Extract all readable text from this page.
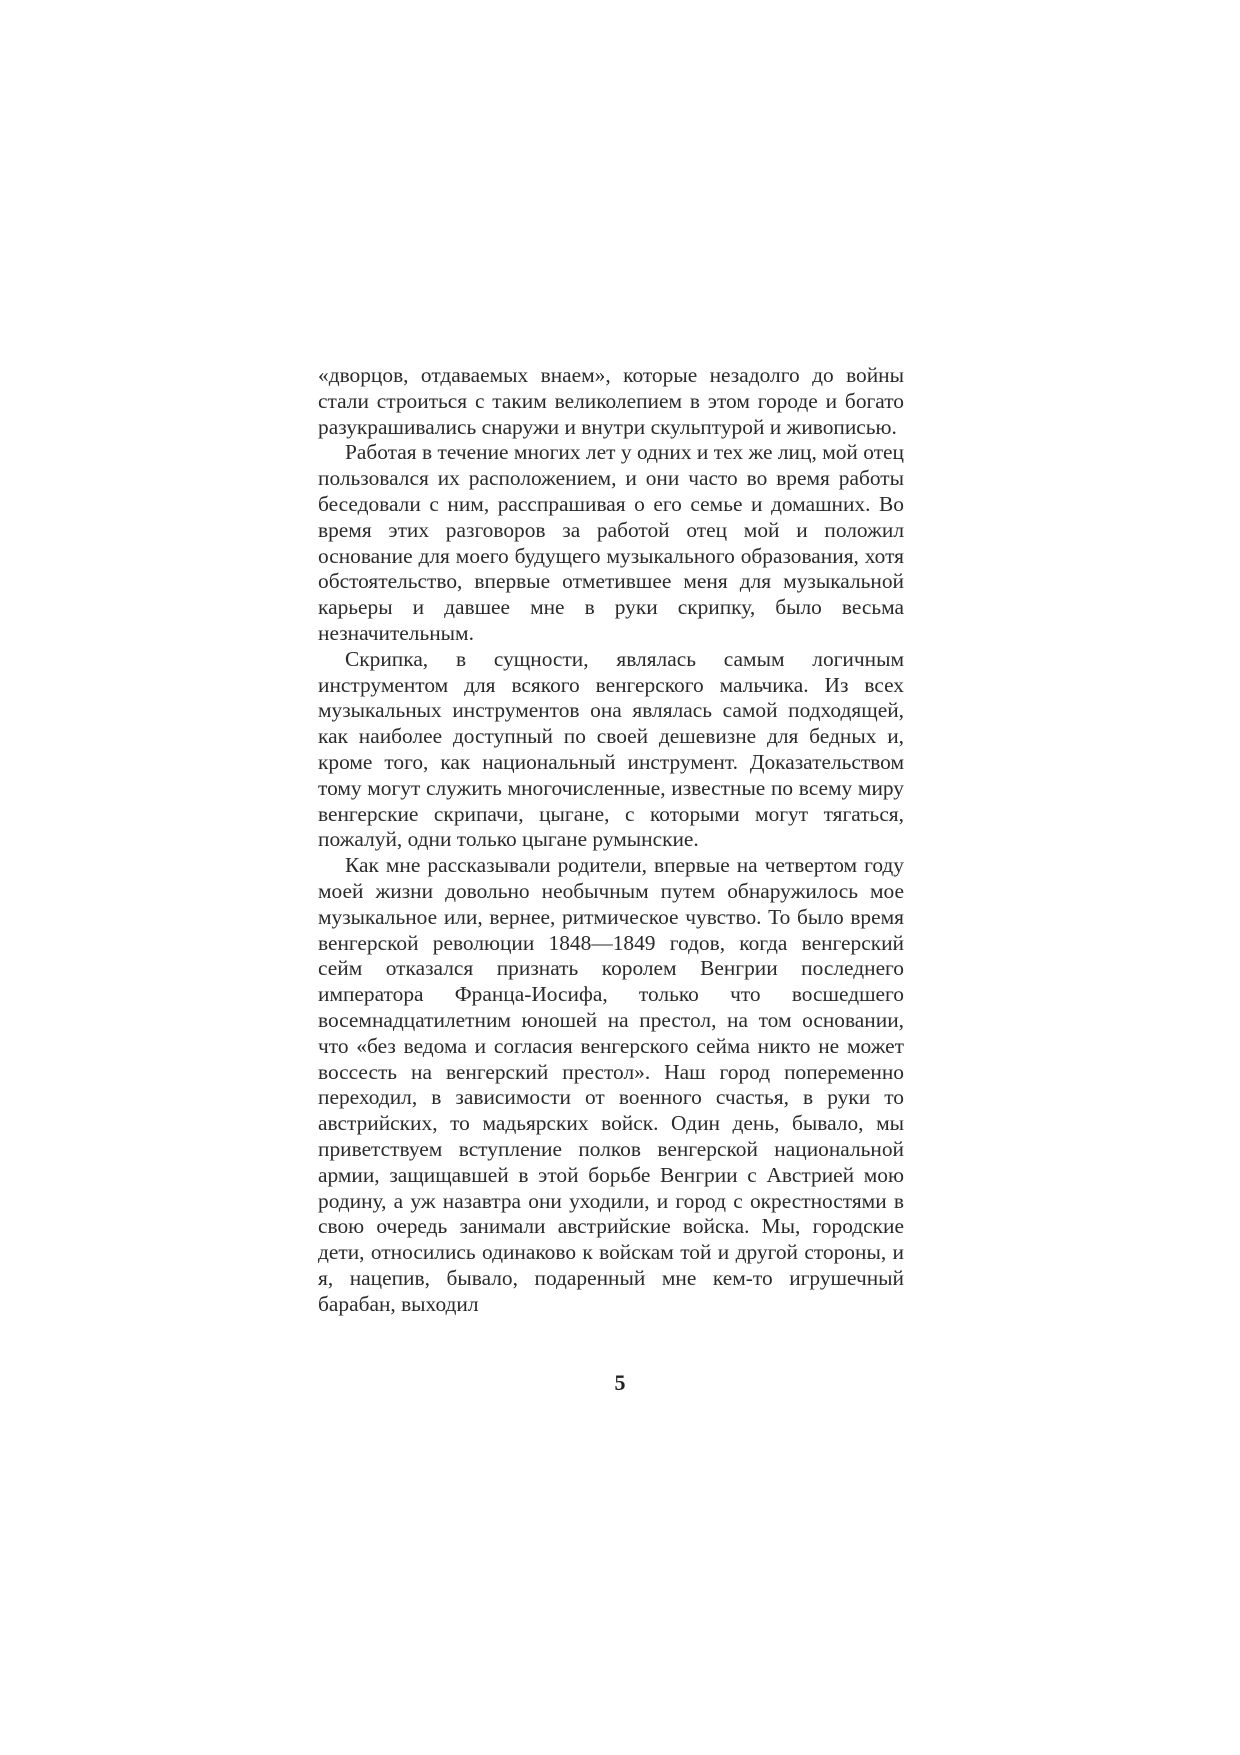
«дворцов, отдаваемых внаем», которые незадолго до войны стали строиться с таким великолепием в этом городе и богато разукрашивались снаружи и внутри скульптурой и живописью.

Работая в течение многих лет у одних и тех же лиц, мой отец пользовался их расположением, и они часто во время работы беседовали с ним, расспрашивая о его семье и домашних. Во время этих разговоров за работой отец мой и положил основание для моего будущего музыкального образования, хотя обстоятельство, впервые отметившее меня для музыкальной карьеры и давшее мне в руки скрипку, было весьма незначительным.

Скрипка, в сущности, являлась самым логичным инструментом для всякого венгерского мальчика. Из всех музыкальных инструментов она являлась самой подходящей, как наиболее доступный по своей дешевизне для бедных и, кроме того, как национальный инструмент. Доказательством тому могут служить многочисленные, известные по всему миру венгерские скрипачи, цыгане, с которыми могут тягаться, пожалуй, одни только цыгане румынские.

Как мне рассказывали родители, впервые на четвертом году моей жизни довольно необычным путем обнаружилось мое музыкальное или, вернее, ритмическое чувство. То было время венгерской революции 1848—1849 годов, когда венгерский сейм отказался признать королем Венгрии последнего императора Франца-Иосифа, только что восшедшего восемнадцатилетним юношей на престол, на том основании, что «без ведома и согласия венгерского сейма никто не может воссесть на венгерский престол». Наш город попеременно переходил, в зависимости от военного счастья, в руки то австрийских, то мадьярских войск. Один день, бывало, мы приветствуем вступление полков венгерской национальной армии, защищавшей в этой борьбе Венгрии с Австрией мою родину, а уж назавтра они уходили, и город с окрестностями в свою очередь занимали австрийские войска. Мы, городские дети, относились одинаково к войскам той и другой стороны, и я, нацепив, бывало, подаренный мне кем-то игрушечный барабан, выходил

5
